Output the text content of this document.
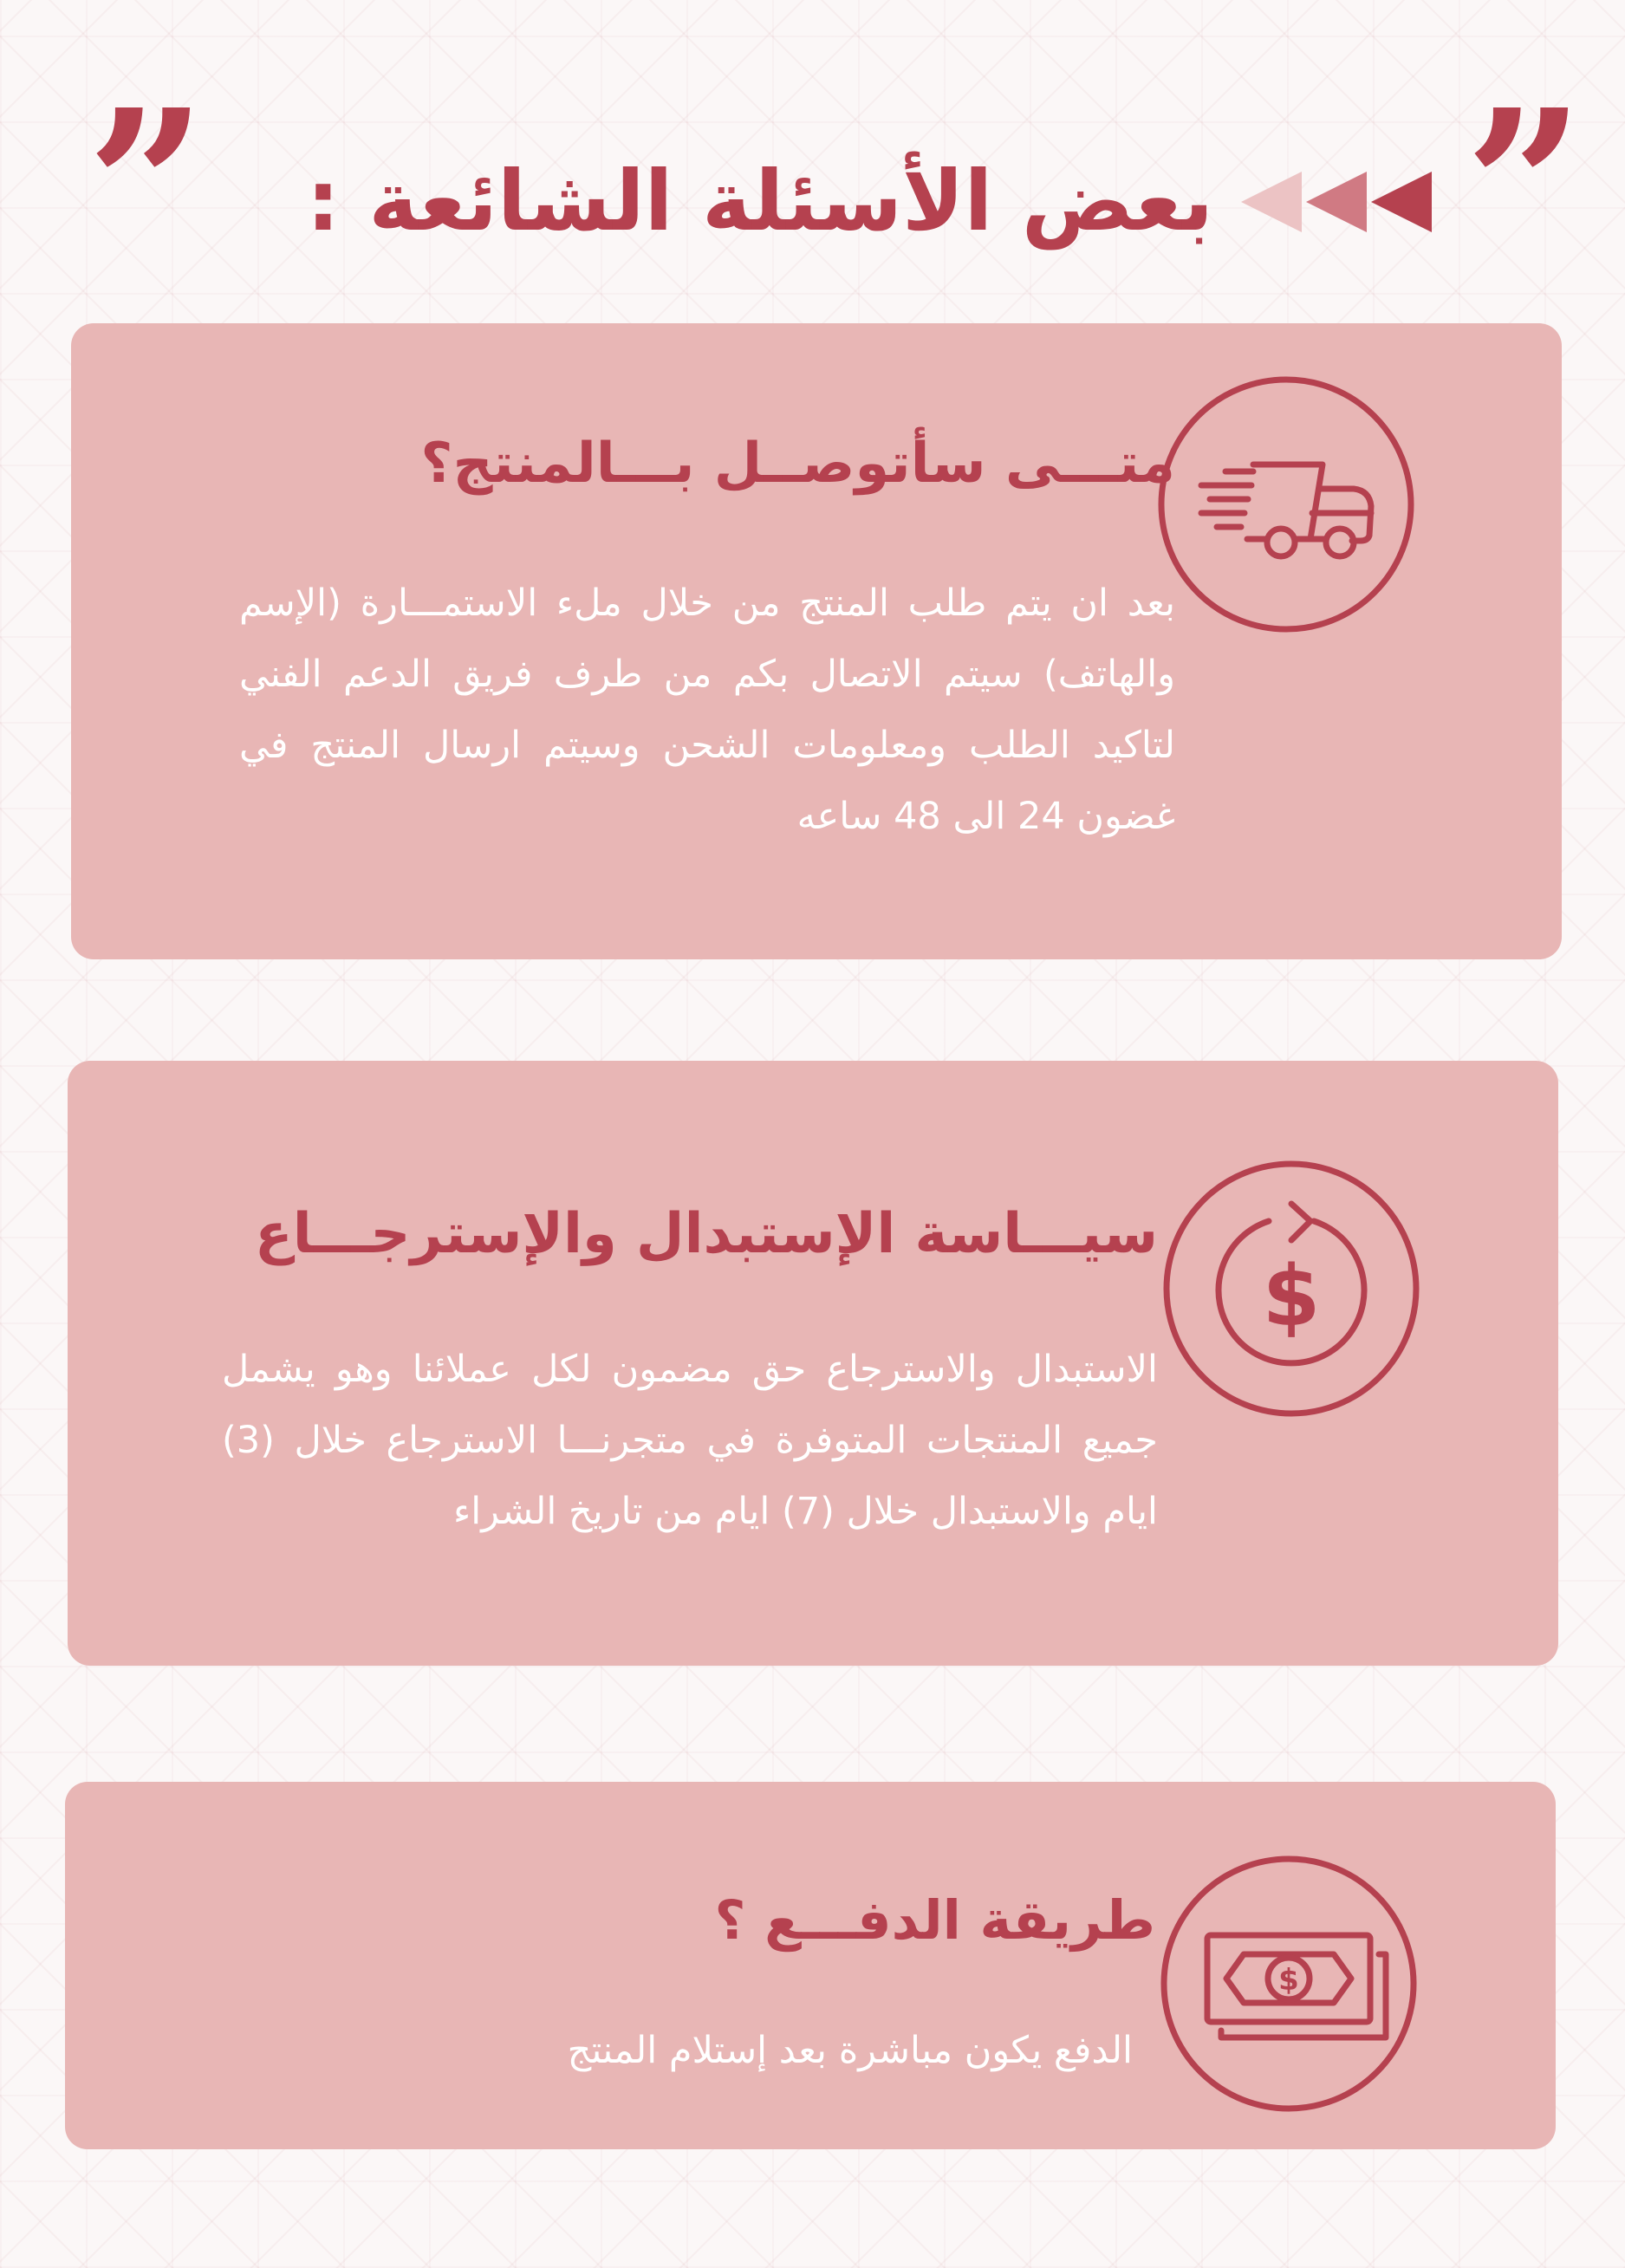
”
”	بعض الأسئلة الشائعة :
متـــى سأتوصــل بـــالمنتج؟
بعد ان يتم طلب المنتج من خلال ملء الاستمـــارة (الإسم والهاتف) سيتم الاتصال بكم من طرف فريق الدعم الفني لتاكيد الطلب ومعلومات الشحن وسيتم ارسال المنتج في غضون 24 الى 48 ساعه
$
سيـــاسة الإستبدال والإسترجـــاع
الاستبدال والاسترجاع حق مضمون لكل عملائنا وهو يشمل جميع المنتجات المتوفرة في متجرنـــا الاسترجاع خلال (3) ايام والاستبدال خلال (7) ايام من تاريخ الشراء
$
طريقة الدفـــع ؟
الدفع يكون مباشرة بعد إستلام المنتج
